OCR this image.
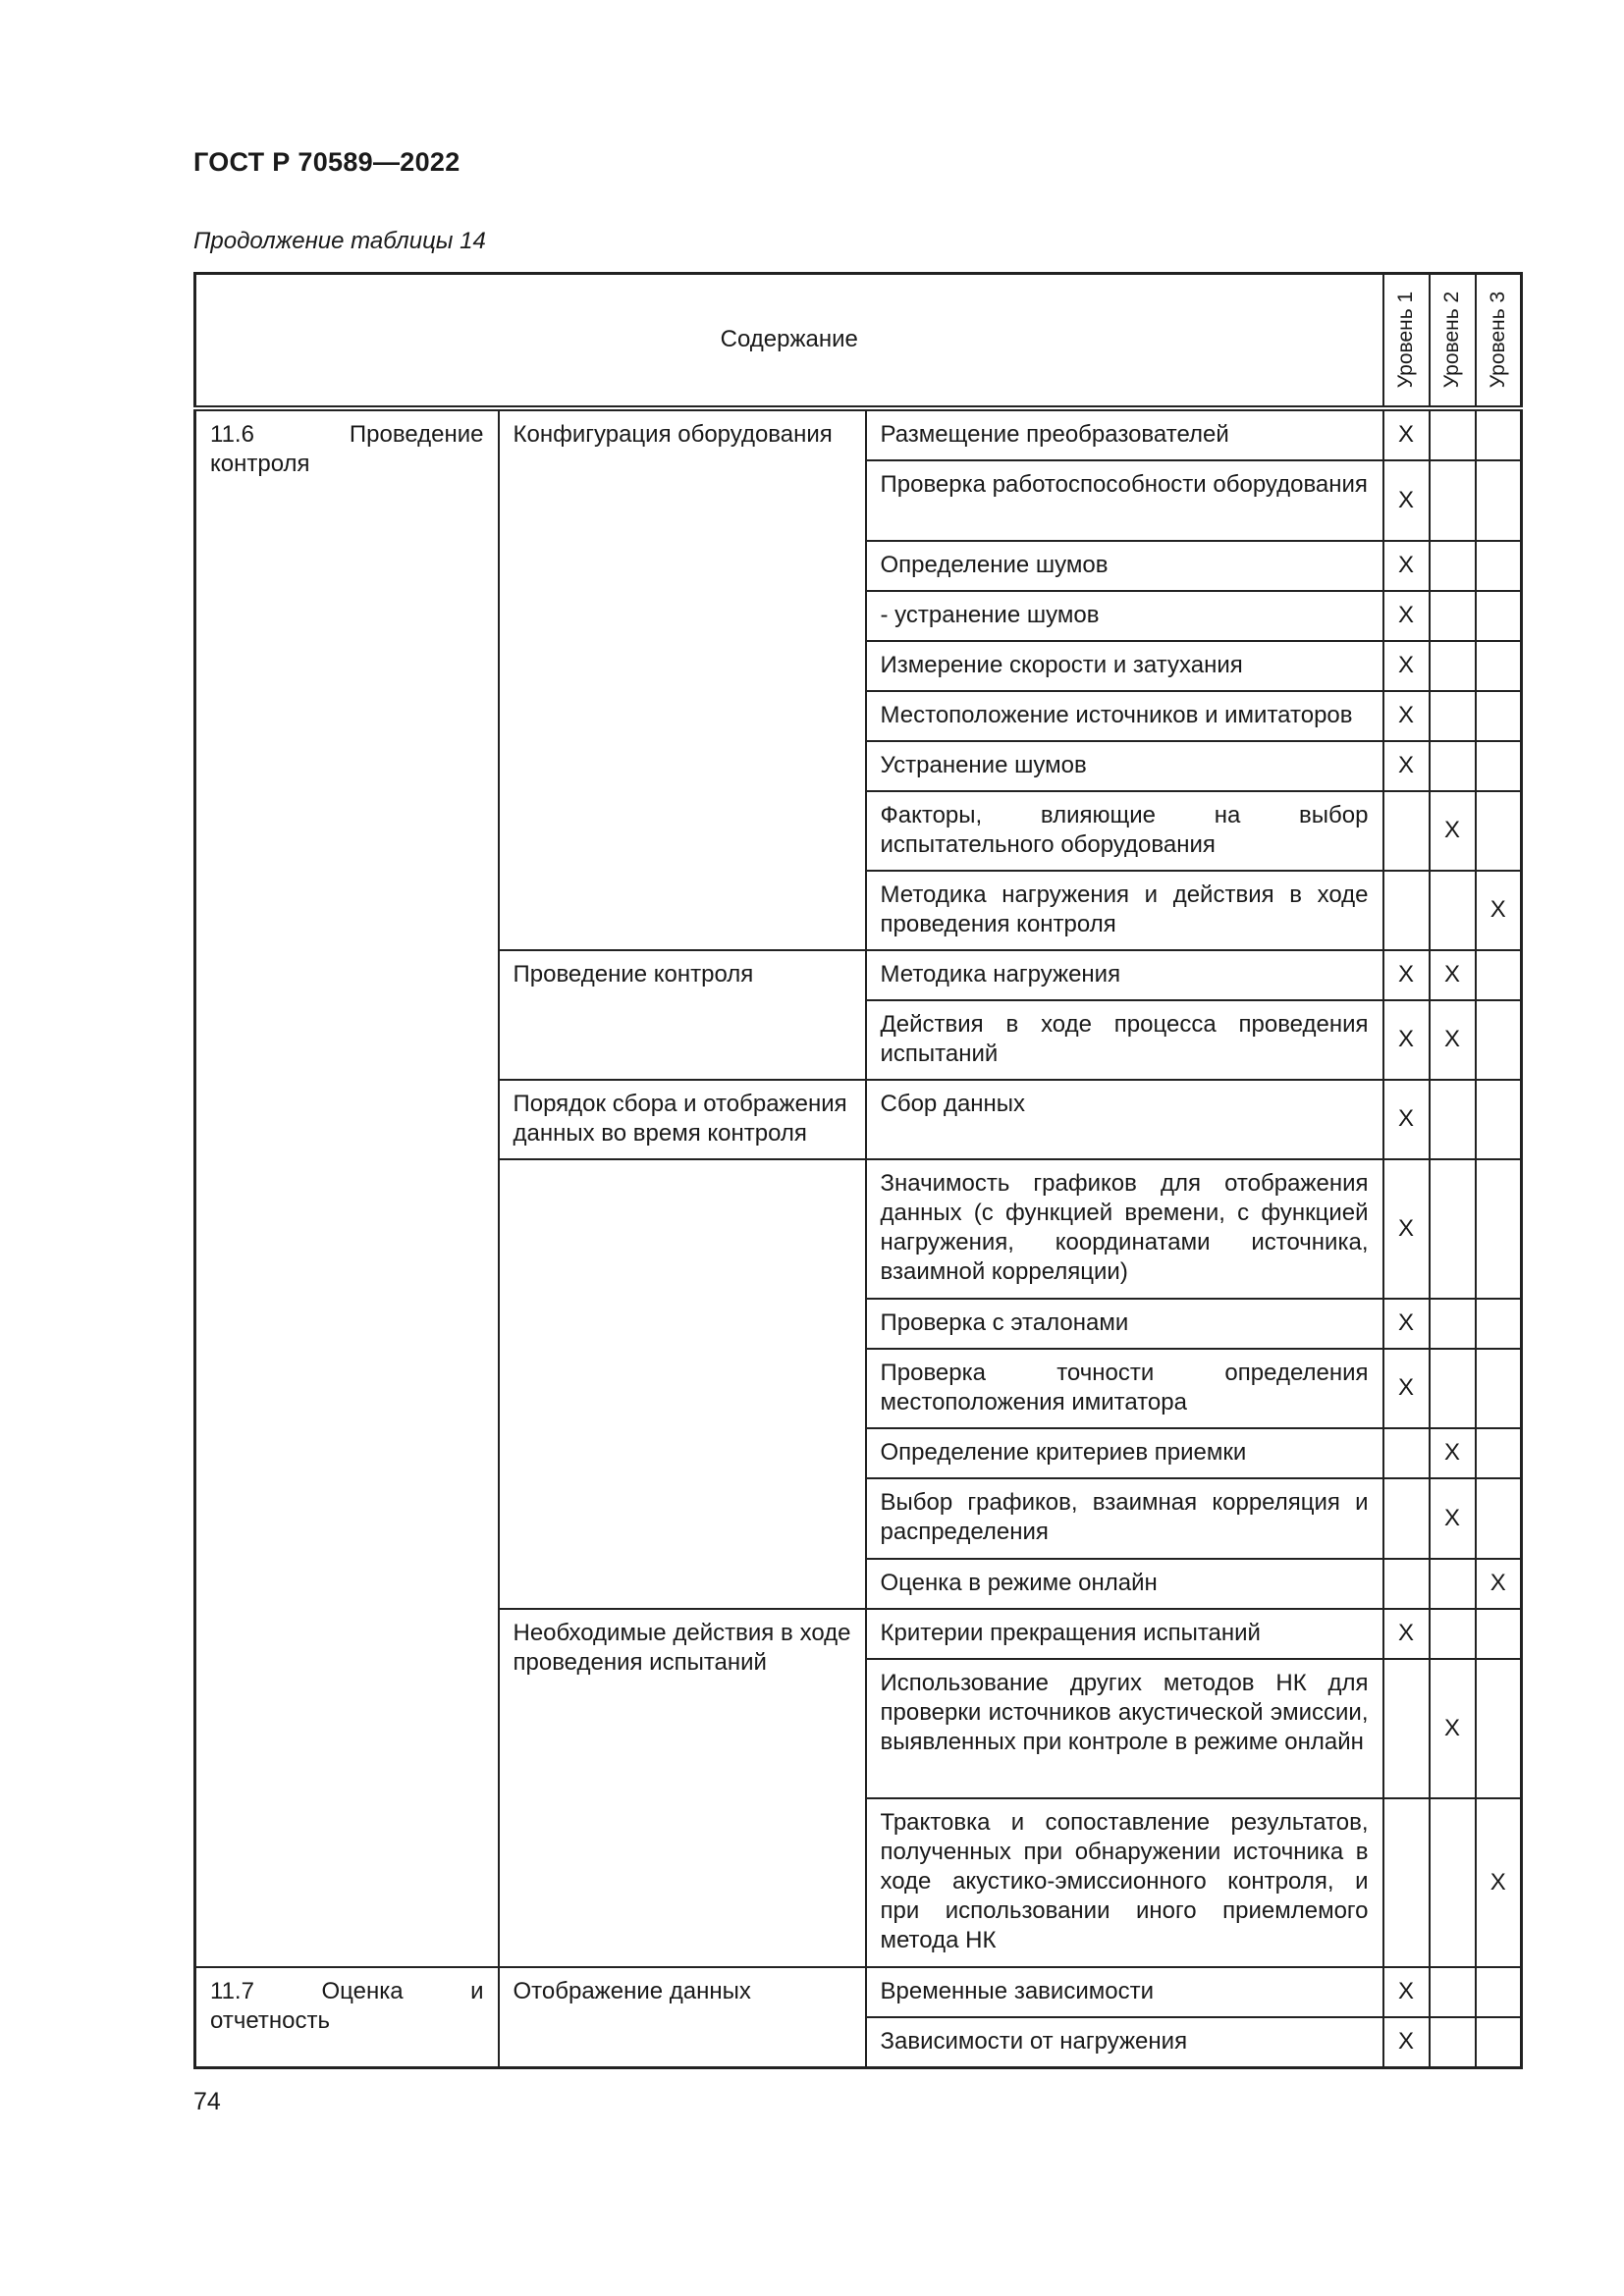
ГОСТ Р 70589—2022
Продолжение таблицы 14
Содержание			Уровень 1	Уровень 2	Уровень 3

11.6 Проведение контроля	Конфигурация оборудования	Размещение преобразователей	X		
		Проверка работоспособности оборудования	X		
		Определение шумов	X		
		- устранение шумов	X		
		Измерение скорости и затухания	X		
		Местоположение источников и имитаторов	X		
		Устранение шумов	X		
		Факторы, влияющие на выбор испытательного оборудования		X	
		Методика нагружения и действия в ходе проведения контроля			X
	Проведение контроля	Методика нагружения	X	X	
		Действия в ходе процесса проведения испытаний	X	X	
	Порядок сбора и отображения данных во время контроля	Сбор данных	X		
		Значимость графиков для отображения данных (с функцией времени, с функцией нагружения, координатами источника, взаимной корреляции)	X		
		Проверка с эталонами	X		
		Проверка точности определения местоположения имитатора	X		
		Определение критериев приемки		X	
		Выбор графиков, взаимная корреляция и распределения		X	
		Оценка в режиме онлайн			X
	Необходимые действия в ходе проведения испытаний	Критерии прекращения испытаний	X		
		Использование других методов НК для проверки источников акустической эмиссии, выявленных при контроле в режиме онлайн		X	
		Трактовка и сопоставление результатов, полученных при обнаружении источника в ходе акустико-эмиссионного контроля, и при использовании иного приемлемого метода НК			X
11.7 Оценка и отчетность	Отображение данных	Временные зависимости	X		
		Зависимости от нагружения	X		
74
